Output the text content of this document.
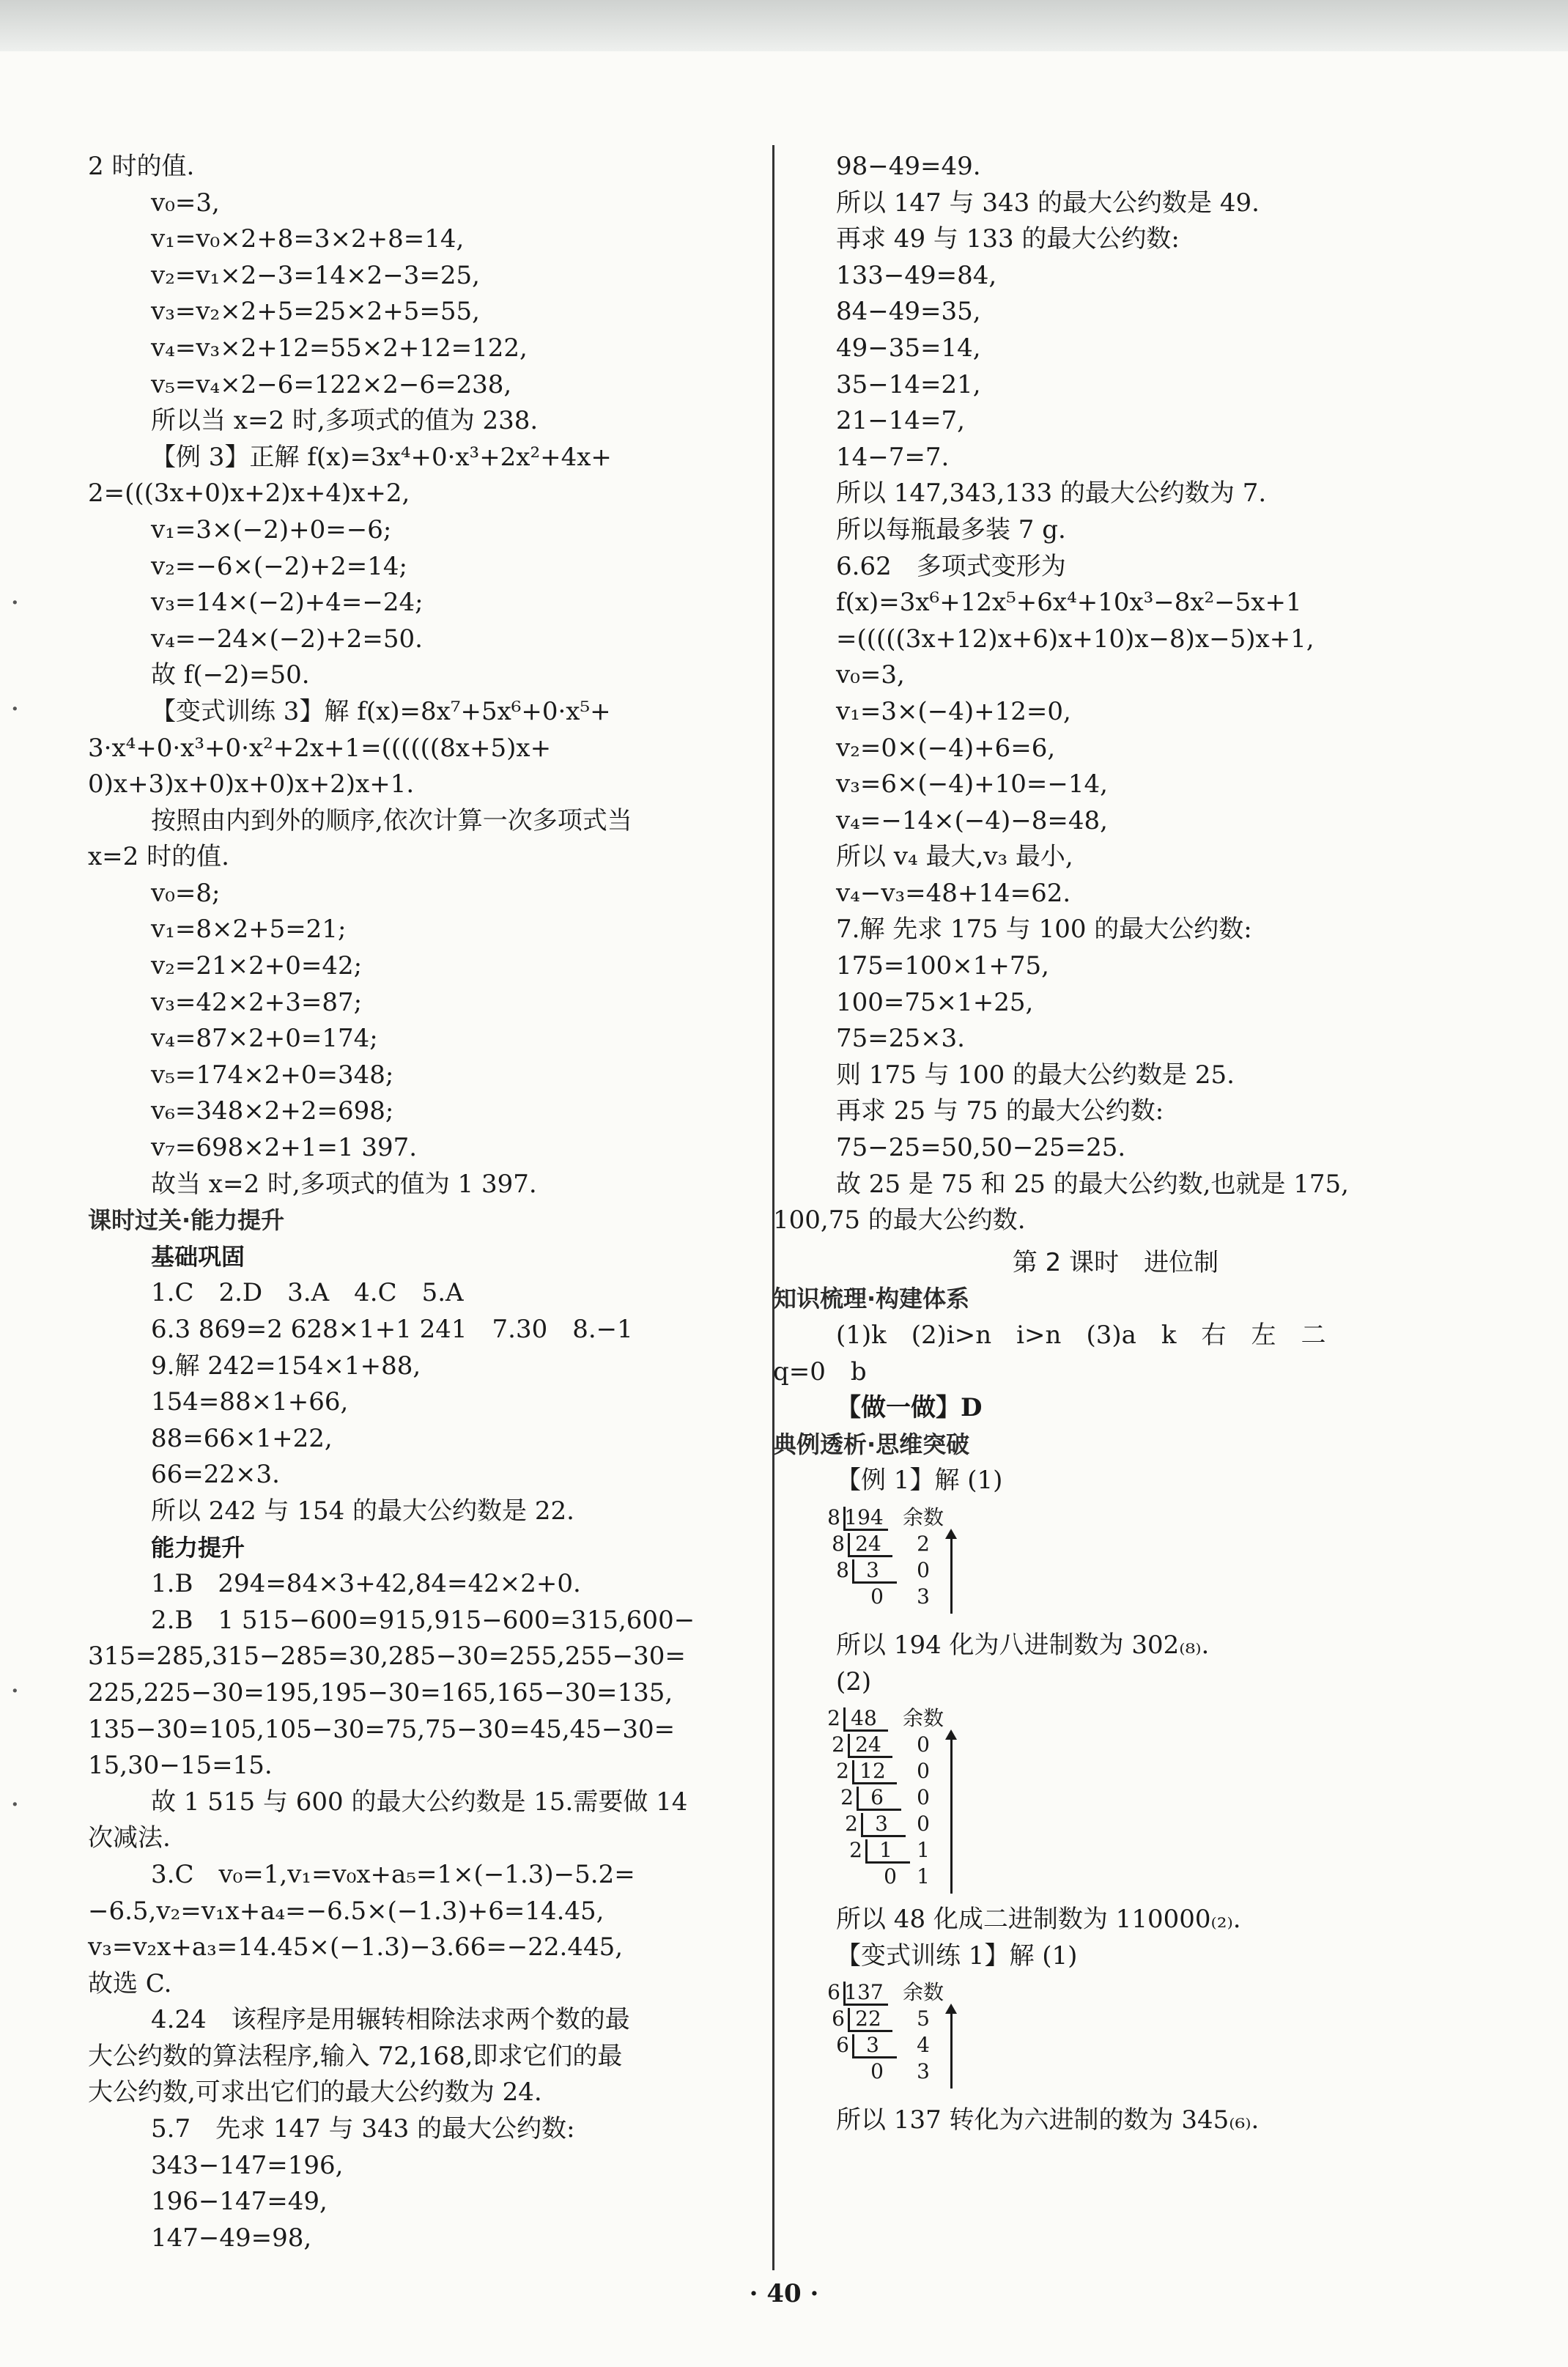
·
·
·
·
2 时的值.
v₀=3,
v₁=v₀×2+8=3×2+8=14,
v₂=v₁×2−3=14×2−3=25,
v₃=v₂×2+5=25×2+5=55,
v₄=v₃×2+12=55×2+12=122,
v₅=v₄×2−6=122×2−6=238,
所以当 x=2 时,多项式的值为 238.
【例 3】正解 f(x)=3x⁴+0·x³+2x²+4x+
2=(((3x+0)x+2)x+4)x+2,
v₁=3×(−2)+0=−6;
v₂=−6×(−2)+2=14;
v₃=14×(−2)+4=−24;
v₄=−24×(−2)+2=50.
故 f(−2)=50.
【变式训练 3】解 f(x)=8x⁷+5x⁶+0·x⁵+
3·x⁴+0·x³+0·x²+2x+1=((((((8x+5)x+
0)x+3)x+0)x+0)x+2)x+1.
按照由内到外的顺序,依次计算一次多项式当
x=2 时的值.
v₀=8;
v₁=8×2+5=21;
v₂=21×2+0=42;
v₃=42×2+3=87;
v₄=87×2+0=174;
v₅=174×2+0=348;
v₆=348×2+2=698;
v₇=698×2+1=1 397.
故当 x=2 时,多项式的值为 1 397.
课时过关·能力提升
基础巩固
1.C　2.D　3.A　4.C　5.A
6.3 869=2 628×1+1 241　7.30　8.−1
9.解 242=154×1+88,
154=88×1+66,
88=66×1+22,
66=22×3.
所以 242 与 154 的最大公约数是 22.
能力提升
1.B　294=84×3+42,84=42×2+0.
2.B　1 515−600=915,915−600=315,600−
315=285,315−285=30,285−30=255,255−30=
225,225−30=195,195−30=165,165−30=135,
135−30=105,105−30=75,75−30=45,45−30=
15,30−15=15.
故 1 515 与 600 的最大公约数是 15.需要做 14
次减法.
3.C　v₀=1,v₁=v₀x+a₅=1×(−1.3)−5.2=
−6.5,v₂=v₁x+a₄=−6.5×(−1.3)+6=14.45,
v₃=v₂x+a₃=14.45×(−1.3)−3.66=−22.445,
故选 C.
4.24　该程序是用辗转相除法求两个数的最
大公约数的算法程序,输入 72,168,即求它们的最
大公约数,可求出它们的最大公约数为 24.
5.7　先求 147 与 343 的最大公约数:
343−147=196,
196−147=49,
147−49=98,
98−49=49.
所以 147 与 343 的最大公约数是 49.
再求 49 与 133 的最大公约数:
133−49=84,
84−49=35,
49−35=14,
35−14=21,
21−14=7,
14−7=7.
所以 147,343,133 的最大公约数为 7.
所以每瓶最多装 7 g.
6.62　多项式变形为
f(x)=3x⁶+12x⁵+6x⁴+10x³−8x²−5x+1
=(((((3x+12)x+6)x+10)x−8)x−5)x+1,
v₀=3,
v₁=3×(−4)+12=0,
v₂=0×(−4)+6=6,
v₃=6×(−4)+10=−14,
v₄=−14×(−4)−8=48,
所以 v₄ 最大,v₃ 最小,
v₄−v₃=48+14=62.
7.解 先求 175 与 100 的最大公约数:
175=100×1+75,
100=75×1+25,
75=25×3.
则 175 与 100 的最大公约数是 25.
再求 25 与 75 的最大公约数:
75−25=50,50−25=25.
故 25 是 75 和 25 的最大公约数,也就是 175,
100,75 的最大公约数.
第 2 课时　进位制
知识梳理·构建体系
(1)k　(2)i>n　i>n　(3)a　k　右　左　二
q=0　b
【做一做】D
典例透析·思维突破
【例 1】解 (1)
8 194 余数
8 24	2
8 3	0
0	3
所以 194 化为八进制数为 302₍₈₎.
(2)
2 48	余数
2 24	0
2 12	0
2 6	0
2 3	0
2 1	1
0 1
所以 48 化成二进制数为 110000₍₂₎.
【变式训练 1】解 (1)
6 137 余数
6 22	5
6 3	4
0	3
所以 137 转化为六进制的数为 345₍₆₎.
· 40 ·
